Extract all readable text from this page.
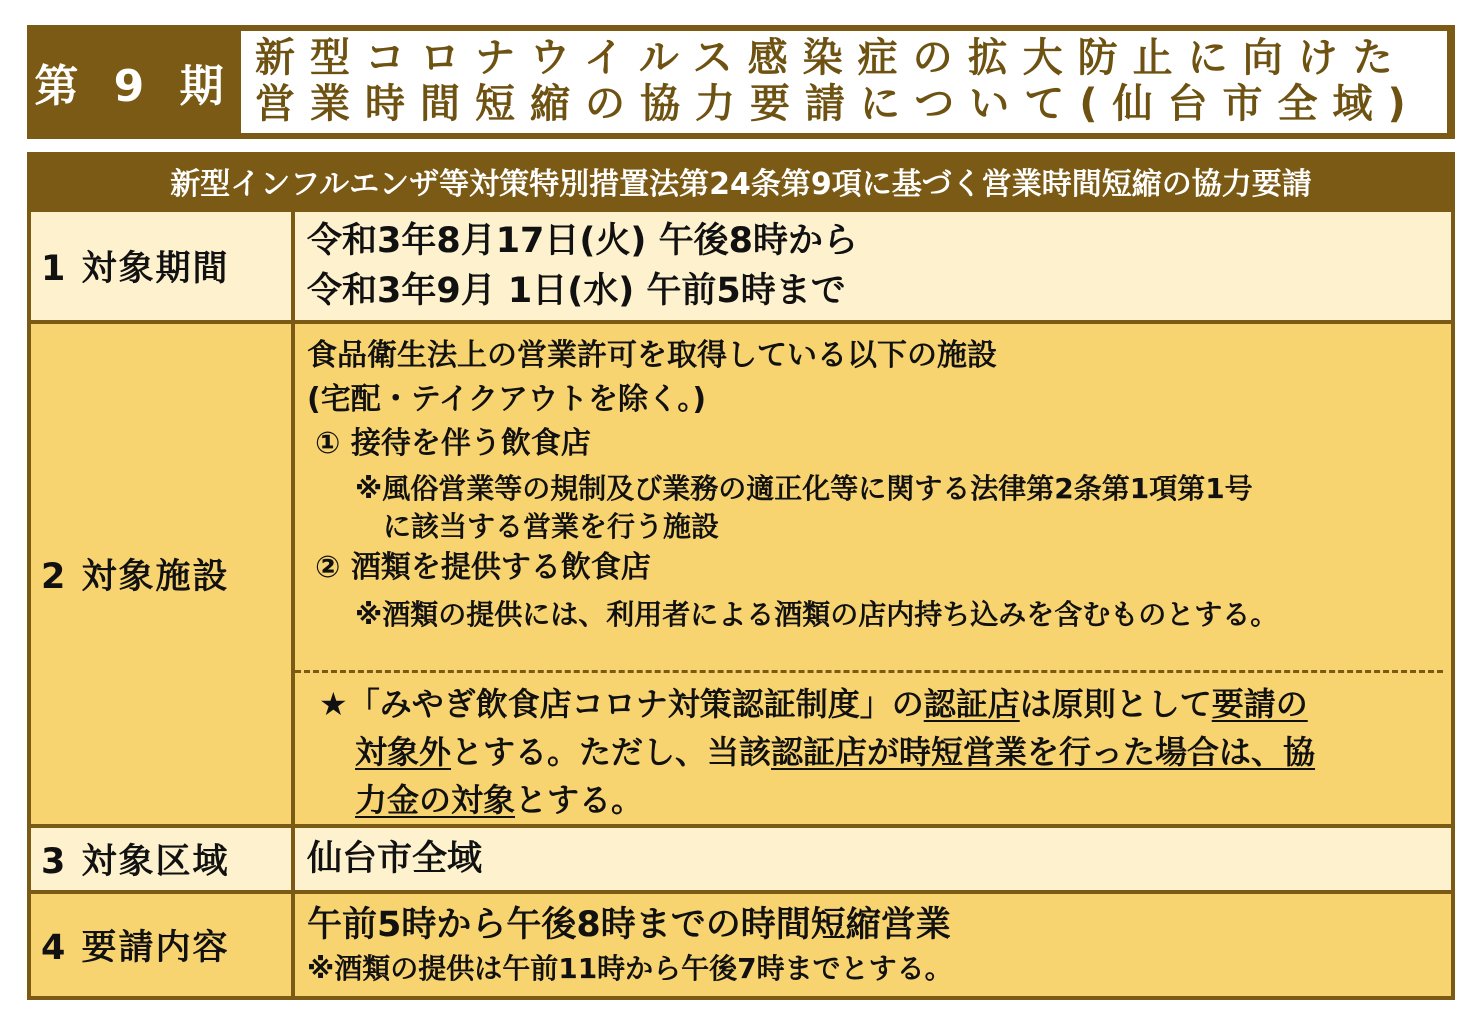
第 9 期
新型コロナウイルス感染症の拡大防止に向けた
営業時間短縮の協力要請について(仙台市全域)
新型インフルエンザ等対策特別措置法第24条第9項に基づく営業時間短縮の協力要請
1 対象期間
令和3年8月17日(火) 午後8時から
令和3年9月 1日(水) 午前5時まで
2 対象施設
食品衛生法上の営業許可を取得している以下の施設
(宅配・テイクアウトを除く。)
① 接待を伴う飲食店
※風俗営業等の規制及び業務の適正化等に関する法律第2条第1項第1号
に該当する営業を行う施設
② 酒類を提供する飲食店
※酒類の提供には、利用者による酒類の店内持ち込みを含むものとする。
★「みやぎ飲食店コロナ対策認証制度」の認証店は原則として要請の
対象外とする。ただし、当該認証店が時短営業を行った場合は、協
力金の対象とする。
3 対象区域	仙台市全域
4 要請内容
午前5時から午後8時までの時間短縮営業
※酒類の提供は午前11時から午後7時までとする。
